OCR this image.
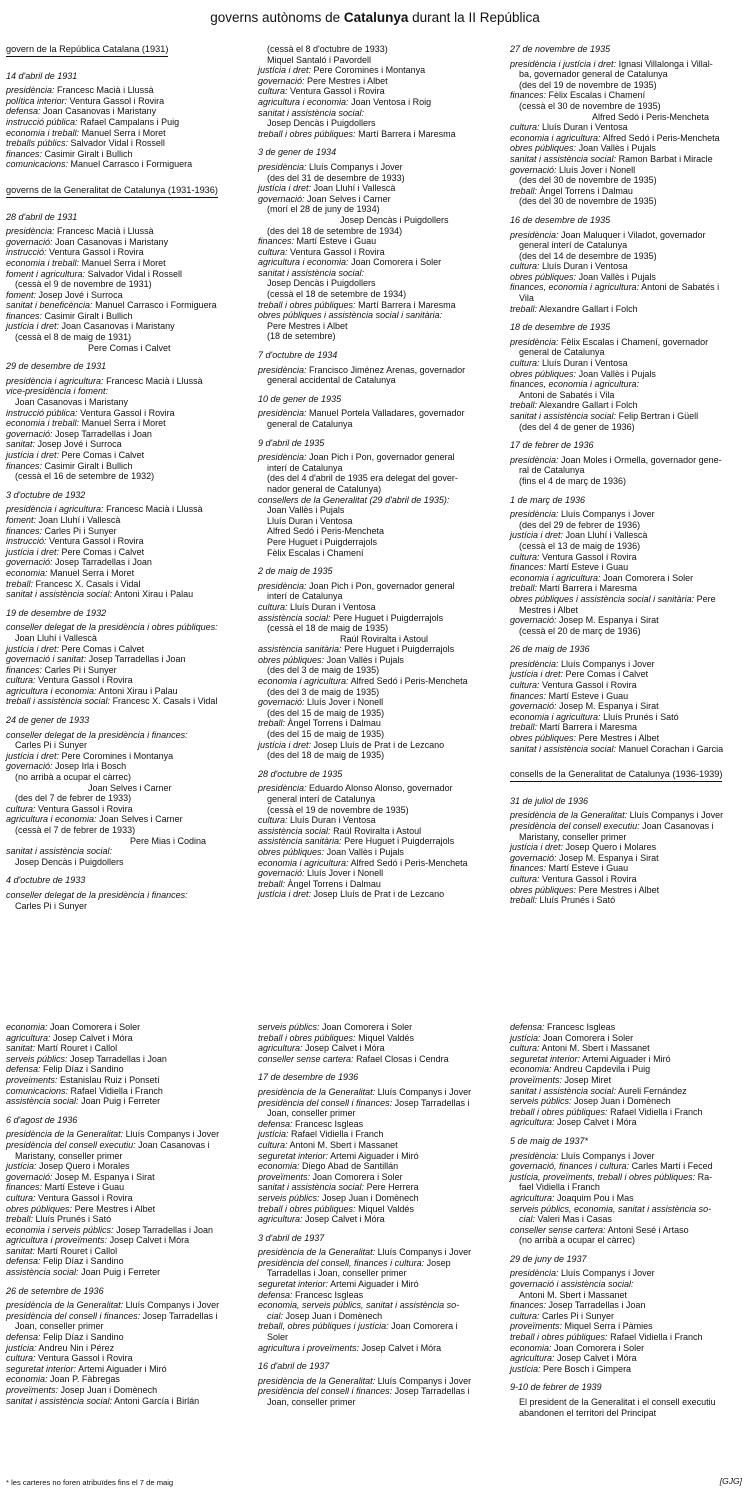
governs autònoms de Catalunya durant la II República
govern de la República Catalana (1931)
14 d'abril de 1931
presidència: Francesc Macià i Llussà
política interior: Ventura Gassol i Rovira
defensa: Joan Casanovas i Maristany
instrucció pública: Rafael Campalans i Puig
economia i treball: Manuel Serra i Moret
treballs públics: Salvador Vidal i Rossell
finances: Casimir Giralt i Bullich
comunicacions: Manuel Carrasco i Formiguera
governs de la Generalitat de Catalunya (1931-1936)
28 d'abril de 1931
presidència: Francesc Macià i Llussà
governació: Joan Casanovas i Maristany
instrucció: Ventura Gassol i Rovira
economia i treball: Manuel Serra i Moret
foment i agricultura: Salvador Vidal i Rossell
(cessà el 9 de novembre de 1931)
foment: Josep Jové i Surroca
sanitat i beneficència: Manuel Carrasco i Formiguera
finances: Casimir Giralt i Bullich
justícia i dret: Joan Casanovas i Maristany
(cessà el 8 de maig de 1931)
Pere Comas i Calvet
29 de desembre de 1931
presidència i agricultura: Francesc Macià i Llussà
vice-presidència i foment:
Joan Casanovas i Maristany
instrucció pública: Ventura Gassol i Rovira
economia i treball: Manuel Serra i Moret
governació: Josep Tarradellas i Joan
sanitat: Josep Jové i Surroca
justícia i dret: Pere Comas i Calvet
finances: Casimir Giralt i Bullich
(cessà el 16 de setembre de 1932)
3 d'octubre de 1932
presidència i agricultura: Francesc Macià i Llussà
foment: Joan Lluhí i Vallescà
finances: Carles Pi i Sunyer
instrucció: Ventura Gassol i Rovira
justícia i dret: Pere Comas i Calvet
governació: Josep Tarradellas i Joan
economia: Manuel Serra i Moret
treball: Francesc X. Casals i Vidal
sanitat i assistència social: Antoni Xirau i Palau
19 de desembre de 1932
conseller delegat de la presidència i obres públiques:
Joan Lluhí i Vallescà
justícia i dret: Pere Comas i Calvet
governació i sanitat: Josep Tarradellas i Joan
finances: Carles Pi i Sunyer
cultura: Ventura Gassol i Rovira
agricultura i economia: Antoni Xirau i Palau
treball i assistència social: Francesc X. Casals i Vidal
24 de gener de 1933
conseller delegat de la presidència i finances:
Carles Pi i Sunyer
justícia i dret: Pere Coromines i Montanya
governació: Josep Irla i Bosch
(no arribà a ocupar el càrrec)
Joan Selves i Carner
(des del 7 de febrer de 1933)
cultura: Ventura Gassol i Rovira
agricultura i economia: Joan Selves i Carner
(cessà el 7 de febrer de 1933)
Pere Mias i Codina
sanitat i assistència social:
Josep Dencàs i Puigdollers
4 d'octubre de 1933
conseller delegat de la presidència i finances:
Carles Pi i Sunyer
(cessà el 8 d'octubre de 1933)
Miquel Santaló i Pavordell
justícia i dret: Pere Coromines i Montanya
governació: Pere Mestres i Albet
cultura: Ventura Gassol i Rovira
agricultura i economia: Joan Ventosa i Roig
sanitat i assistència social:
Josep Dencàs i Puigdollers
treball i obres públiques: Martí Barrera i Maresma
3 de gener de 1934
presidència: Lluís Companys i Jover
(des del 31 de desembre de 1933)
justícia i dret: Joan Lluhí i Vallescà
governació: Joan Selves i Carner
(morí el 28 de juny de 1934)
Josep Dencàs i Puigdollers
(des del 18 de setembre de 1934)
finances: Martí Esteve i Guau
cultura: Ventura Gassol i Rovira
agricultura i economia: Joan Comorera i Soler
sanitat i assistència social:
Josep Dencàs i Puigdollers
(cessà el 18 de setembre de 1934)
treball i obres públiques: Martí Barrera i Maresma
obres públiques i assistència social i sanitària:
Pere Mestres i Albet
(18 de setembre)
7 d'octubre de 1934
presidència: Francisco Jiménez Arenas, governador
general accidental de Catalunya
10 de gener de 1935
presidència: Manuel Portela Valladares, governador
general de Catalunya
9 d'abril de 1935
presidència: Joan Pich i Pon, governador general
interí de Catalunya
(des del 4 d'abril de 1935 era delegat del gover-
nador general de Catalunya)
consellers de la Generalitat (29 d'abril de 1935):
Joan Vallès i Pujals
Lluís Duran i Ventosa
Alfred Sedó i Peris-Mencheta
Pere Huguet i Puigderrajols
Fèlix Escalas i Chamení
2 de maig de 1935
presidència: Joan Pich i Pon, governador general
interí de Catalunya
cultura: Lluís Duran i Ventosa
assistència social: Pere Huguet i Puigderrajols
(cessà el 18 de maig de 1935)
Raúl Roviralta i Astoul
assistència sanitària: Pere Huguet i Puigderrajols
obres públiques: Joan Vallès i Pujals
(des del 3 de maig de 1935)
economia i agricultura: Alfred Sedó i Peris-Mencheta
(des del 3 de maig de 1935)
governació: Lluís Jover i Nonell
(des del 15 de maig de 1935)
treball: Àngel Torrens i Dalmau
(des del 15 de maig de 1935)
justícia i dret: Josep Lluís de Prat i de Lezcano
(des del 18 de maig de 1935)
28 d'octubre de 1935
presidència: Eduardo Alonso Alonso, governador
general interí de Catalunya
(cessà el 19 de novembre de 1935)
cultura: Lluís Duran i Ventosa
assistència social: Raúl Roviralta i Astoul
assistència sanitària: Pere Huguet i Puigderrajols
obres públiques: Joan Vallès i Pujals
economia i agricultura: Alfred Sedó i Peris-Mencheta
governació: Lluís Jover i Nonell
treball: Àngel Torrens i Dalmau
justícia i dret: Josep Lluís de Prat i de Lezcano
27 de novembre de 1935
presidència i justícia i dret: Ignasi Villalonga i Villal-
ba, governador general de Catalunya
(des del 19 de novembre de 1935)
finances: Fèlix Escalas i Chamení
(cessà el 30 de novembre de 1935)
Alfred Sedó i Peris-Mencheta
cultura: Lluís Duran i Ventosa
economia i agricultura: Alfred Sedó i Peris-Mencheta
obres públiques: Joan Vallès i Pujals
sanitat i assistència social: Ramon Barbat i Miracle
governació: Lluís Jover i Nonell
(des del 30 de novembre de 1935)
treball: Àngel Torrens i Dalmau
(des del 30 de novembre de 1935)
16 de desembre de 1935
presidència: Joan Maluquer i Viladot, governador
general interí de Catalunya
(des del 14 de desembre de 1935)
cultura: Lluís Duran i Ventosa
obres públiques: Joan Vallès i Pujals
finances, economia i agricultura: Antoni de Sabatés i
Vila
treball: Alexandre Gallart i Folch
18 de desembre de 1935
presidència: Fèlix Escalas i Chamení, governador
general de Catalunya
cultura: Lluís Duran i Ventosa
obres públiques: Joan Vallès i Pujals
finances, economia i agricultura:
Antoni de Sabatés i Vila
treball: Alexandre Gallart i Folch
sanitat i assistència social: Felip Bertran i Güell
(des del 4 de gener de 1936)
17 de febrer de 1936
presidència: Joan Moles i Ormella, governador gene-
ral de Catalunya
(fins el 4 de març de 1936)
1 de març de 1936
presidència: Lluís Companys i Jover
(des del 29 de febrer de 1936)
justícia i dret: Joan Lluhí i Vallescà
(cessà el 13 de maig de 1936)
cultura: Ventura Gassol i Rovira
finances: Martí Esteve i Guau
economia i agricultura: Joan Comorera i Soler
treball: Martí Barrera i Maresma
obres públiques i assistència social i sanitària: Pere
Mestres i Albet
governació: Josep M. Espanya i Sirat
(cessà el 20 de març de 1936)
26 de maig de 1936
presidència: Lluís Companys i Jover
justícia i dret: Pere Comas i Calvet
cultura: Ventura Gassol i Rovira
finances: Martí Esteve i Guau
governació: Josep M. Espanya i Sirat
economia i agricultura: Lluís Prunés i Sató
treball: Martí Barrera i Maresma
obres públiques: Pere Mestres i Albet
sanitat i assistència social: Manuel Corachan i Garcia
consells de la Generalitat de Catalunya (1936-1939)
31 de juliol de 1936
presidència de la Generalitat: Lluís Companys i Jover
presidència del consell executiu: Joan Casanovas i
Maristany, conseller primer
justícia i dret: Josep Quero i Molares
governació: Josep M. Espanya i Sirat
finances: Martí Esteve i Guau
cultura: Ventura Gassol i Rovira
obres públiques: Pere Mestres i Albet
treball: Lluís Prunés i Sató
economia: Joan Comorera i Soler
agricultura: Josep Calvet i Móra
sanitat: Martí Rouret i Callol
serveis públics: Josep Tarradellas i Joan
defensa: Felip Díaz i Sandino
proveiments: Estanislau Ruiz i Ponsetí
comunicacions: Rafael Vidiella i Franch
assistència social: Joan Puig i Ferreter
6 d'agost de 1936
presidència de la Generalitat: Lluís Companys i Jover
presidència del consell executiu: Joan Casanovas i
Maristany, conseller primer
justícia: Josep Quero i Morales
governació: Josep M. Espanya i Sirat
finances: Martí Esteve i Guau
cultura: Ventura Gassol i Rovira
obres públiques: Pere Mestres i Albet
treball: Lluís Prunés i Sató
economia i serveis públics: Josep Tarradellas i Joan
agricultura i proveïments: Josep Calvet i Móra
sanitat: Martí Rouret i Callol
defensa: Felip Díaz i Sandino
assistència social: Joan Puig i Ferreter
26 de setembre de 1936
presidència de la Generalitat: Lluís Companys i Jover
presidència del consell i finances: Josep Tarradellas i
Joan, conseller primer
defensa: Felip Díaz i Sandino
justícia: Andreu Nin i Pérez
cultura: Ventura Gassol i Rovira
seguretat interior: Artemi Aiguader i Miró
economia: Joan P. Fàbregas
proveïments: Josep Juan i Domènech
sanitat i assistència social: Antoni García i Birlán
serveis públics: Joan Comorera i Soler
treball i obres públiques: Miquel Valdés
agricultura: Josep Calvet i Móra
conseller sense cartera: Rafael Closas i Cendra
17 de desembre de 1936
presidència de la Generalitat: Lluís Companys i Jover
presidència del consell i finances: Josep Tarradellas i
Joan, conseller primer
defensa: Francesc Isgleas
justícia: Rafael Vidiella i Franch
cultura: Antoni M. Sbert i Massanet
seguretat interior: Artemi Aiguader i Miró
economia: Diego Abad de Santillán
proveïments: Joan Comorera i Soler
sanitat i assistència social: Pere Herrera
serveis públics: Josep Juan i Domènech
treball i obres públiques: Miquel Valdés
agricultura: Josep Calvet i Móra
3 d'abril de 1937
presidència de la Generalitat: Lluís Companys i Jover
presidència del consell, finances i cultura: Josep
Tarradellas i Joan, conseller primer
seguretat interior: Artemi Aiguader i Miró
defensa: Francesc Isgleas
economia, serveis públics, sanitat i assistència so-
cial: Josep Juan i Domènech
treball, obres públiques i justícia: Joan Comorera i
Soler
agricultura i proveïments: Josep Calvet i Móra
16 d'abril de 1937
presidència de la Generalitat: Lluís Companys i Jover
presidència del consell i finances: Josep Tarradellas i
Joan, conseller primer
defensa: Francesc Isgleas
justícia: Joan Comorera i Soler
cultura: Antoni M. Sbert i Massanet
seguretat interior: Artemi Aiguader i Miró
economia: Andreu Capdevila i Puig
proveïments: Josep Miret
sanitat i assistència social: Aureli Fernández
serveis públics: Josep Juan i Domènech
treball i obres públiques: Rafael Vidiella i Franch
agricultura: Josep Calvet i Móra
5 de maig de 1937*
presidència: Lluís Companys i Jover
governació, finances i cultura: Carles Martí i Feced
justícia, proveïments, treball i obres públiques: Ra-
fael Vidiella i Franch
agricultura: Joaquim Pou i Mas
serveis públics, economia, sanitat i assistència so-
cial: Valeri Mas i Casas
conseller sense cartera: Antoni Sesé i Artaso
(no arribà a ocupar el càrrec)
29 de juny de 1937
presidència: Lluís Companys i Jover
governació i assistència social:
Antoni M. Sbert i Massanet
finances: Josep Tarradellas i Joan
cultura: Carles Pi i Sunyer
proveïments: Miquel Serra i Pàmies
treball i obres públiques: Rafael Vidiella i Franch
economia: Joan Comorera i Soler
agricultura: Josep Calvet i Móra
justícia: Pere Bosch i Gimpera
9-10 de febrer de 1939
El president de la Generalitat i el consell executiu
abandonen el territori del Principat
* les carteres no foren atribuïdes fins el 7 de maig	[GJG]
